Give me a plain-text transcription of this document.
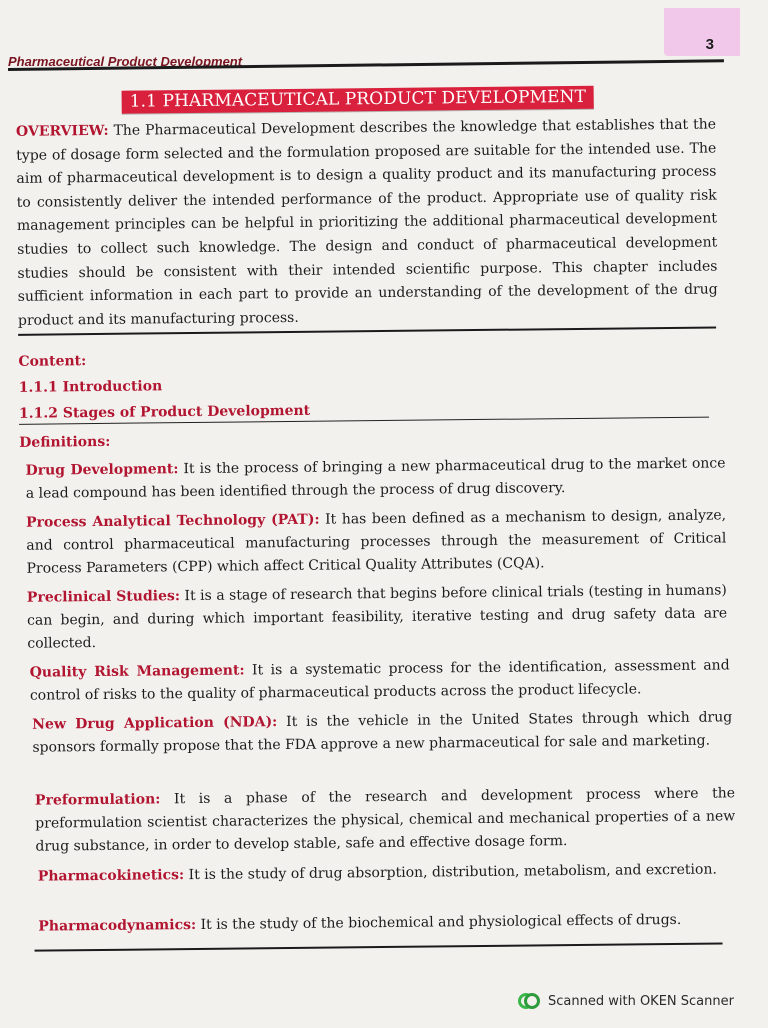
3
Pharmaceutical Product Development
1.1 PHARMACEUTICAL PRODUCT DEVELOPMENT
OVERVIEW: The Pharmaceutical Development describes the knowledge that establishes that the type of dosage form selected and the formulation proposed are suitable for the intended use. The aim of pharmaceutical development is to design a quality product and its manufacturing process to consistently deliver the intended performance of the product. Appropriate use of quality risk management principles can be helpful in prioritizing the additional pharmaceutical development studies to collect such knowledge. The design and conduct of pharmaceutical development studies should be consistent with their intended scientific purpose. This chapter includes sufficient information in each part to provide an understanding of the development of the drug product and its manufacturing process.
Content:
1.1.1 Introduction
1.1.2 Stages of Product Development
Definitions:
Drug Development: It is the process of bringing a new pharmaceutical drug to the market once a lead compound has been identified through the process of drug discovery.
Process Analytical Technology (PAT): It has been defined as a mechanism to design, analyze, and control pharmaceutical manufacturing processes through the measurement of Critical Process Parameters (CPP) which affect Critical Quality Attributes (CQA).
Preclinical Studies: It is a stage of research that begins before clinical trials (testing in humans) can begin, and during which important feasibility, iterative testing and drug safety data are collected.
Quality Risk Management: It is a systematic process for the identification, assessment and control of risks to the quality of pharmaceutical products across the product lifecycle.
New Drug Application (NDA): It is the vehicle in the United States through which drug sponsors formally propose that the FDA approve a new pharmaceutical for sale and marketing.
Preformulation: It is a phase of the research and development process where the preformulation scientist characterizes the physical, chemical and mechanical properties of a new drug substance, in order to develop stable, safe and effective dosage form.
Pharmacokinetics: It is the study of drug absorption, distribution, metabolism, and excretion.
Pharmacodynamics: It is the study of the biochemical and physiological effects of drugs.
Scanned with OKEN Scanner
